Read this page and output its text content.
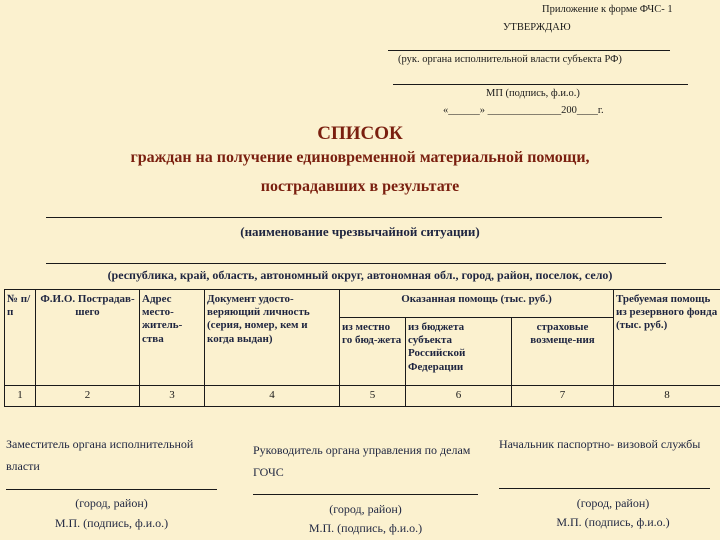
Приложение к форме ФЧС- 1
УТВЕРЖДАЮ
(рук. органа исполнительной власти субъекта РФ)
МП (подпись, ф.и.о.)
«______» ______________200____г.
СПИСОК
граждан на получение единовременной материальной помощи,
пострадавших в результате
(наименование чрезвычайной ситуации)
(республика, край, область, автономный округ, автономная обл., город, район, поселок, село)
№ п/п	Ф.И.О. Пострадав-шего	Адрес место-житель-ства	Документ удосто-веряющий личность (серия, номер, кем и когда выдан)	Оказанная помощь (тыс. руб.)			Требуемая помощь из резервного фонда (тыс. руб.)
				из местно го бюд-жета	из бюджета субъекта Российской Федерации	страховые возмеще-ния	
1	2	3	4	5	6	7	8
Заместитель органа исполнительной власти
(город, район)
М.П. (подпись, ф.и.о.)
Руководитель органа управления по делам ГОЧС
(город, район)
М.П. (подпись, ф.и.о.)
Начальник паспортно- визовой службы
(город, район)
М.П. (подпись, ф.и.о.)
